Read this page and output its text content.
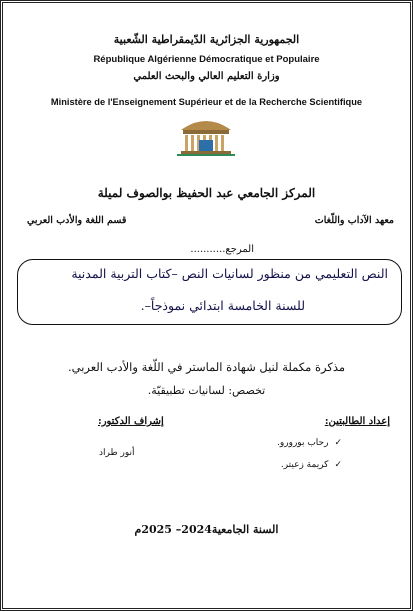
الجمهورية الجزائرية الدّيمقراطية الشّعبية
République Algérienne Démocratique et Populaire
وزارة التعليم العالي والبحث العلمي
Ministère de l'Enseignement Supérieur et de la Recherche Scientifique
المركز الجامعي عبد الحفيظ بوالصوف لميلة
معهد الآداب واللّغات
قسم اللغة والأدب العربي
المرجع...........
النص التعليمي من منظور لسانيات النص –كتاب التربية المدنية
للسنة الخامسة ابتدائي نموذجاً–.
مذكرة مكملة لنيل شهادة الماستر في اللّغة والأدب العربي.
تخصص: لسانيات تطبيقيّة.
إعداد الطالبتين:
إشراف الدكتور:
✓رحاب بورورو.
✓كريمة زعيتر.
أنور طراد
السنة الجامعية2024– 2025م
